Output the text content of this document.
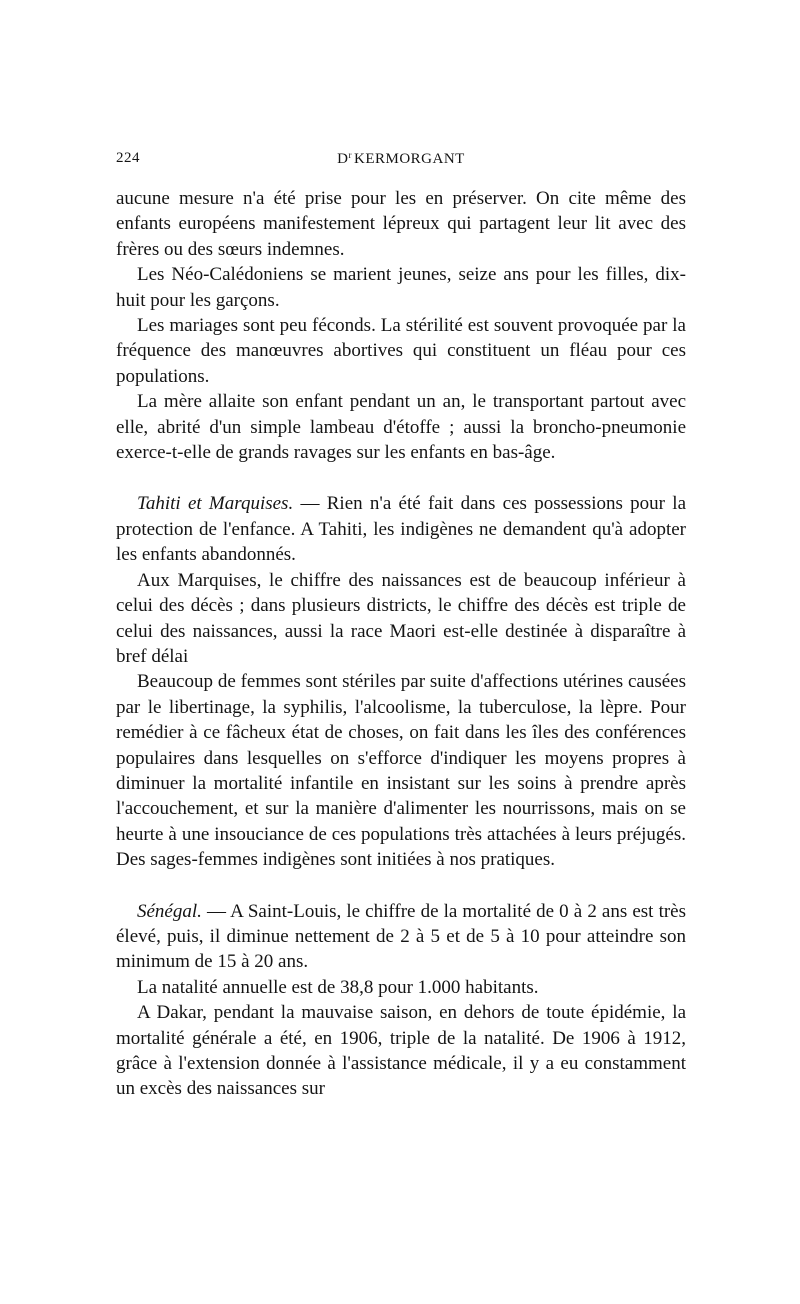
224	$D^r$ KERMORGANT

aucune mesure n'a été prise pour les en préserver. On cite même des enfants européens manifestement lépreux qui partagent leur lit avec des frères ou des sœurs indemnes.

Les Néo-Calédoniens se marient jeunes, seize ans pour les filles, dix-huit pour les garçons.

Les mariages sont peu féconds. La stérilité est souvent provoquée par la fréquence des manœuvres abortives qui constituent un fléau pour ces populations.

La mère allaite son enfant pendant un an, le transportant partout avec elle, abrité d'un simple lambeau d'étoffe ; aussi la broncho-pneumonie exerce-t-elle de grands ravages sur les enfants en bas-âge.

Tahiti et Marquises. — Rien n'a été fait dans ces possessions pour la protection de l'enfance. A Tahiti, les indigènes ne demandent qu'à adopter les enfants abandonnés.

Aux Marquises, le chiffre des naissances est de beaucoup inférieur à celui des décès ; dans plusieurs districts, le chiffre des décès est triple de celui des naissances, aussi la race Maori est-elle destinée à disparaître à bref délai

Beaucoup de femmes sont stériles par suite d'affections utérines causées par le libertinage, la syphilis, l'alcoolisme, la tuberculose, la lèpre. Pour remédier à ce fâcheux état de choses, on fait dans les îles des conférences populaires dans lesquelles on s'efforce d'indiquer les moyens propres à diminuer la mortalité infantile en insistant sur les soins à prendre après l'accouchement, et sur la manière d'alimenter les nourrissons, mais on se heurte à une insouciance de ces populations très attachées à leurs préjugés. Des sages-femmes indigènes sont initiées à nos pratiques.

Sénégal. — A Saint-Louis, le chiffre de la mortalité de 0 à 2 ans est très élevé, puis, il diminue nettement de 2 à 5 et de 5 à 10 pour atteindre son minimum de 15 à 20 ans.

La natalité annuelle est de 38,8 pour 1.000 habitants.

A Dakar, pendant la mauvaise saison, en dehors de toute épidémie, la mortalité générale a été, en 1906, triple de la natalité. De 1906 à 1912, grâce à l'extension donnée à l'assistance médicale, il y a eu constamment un excès des naissances sur
